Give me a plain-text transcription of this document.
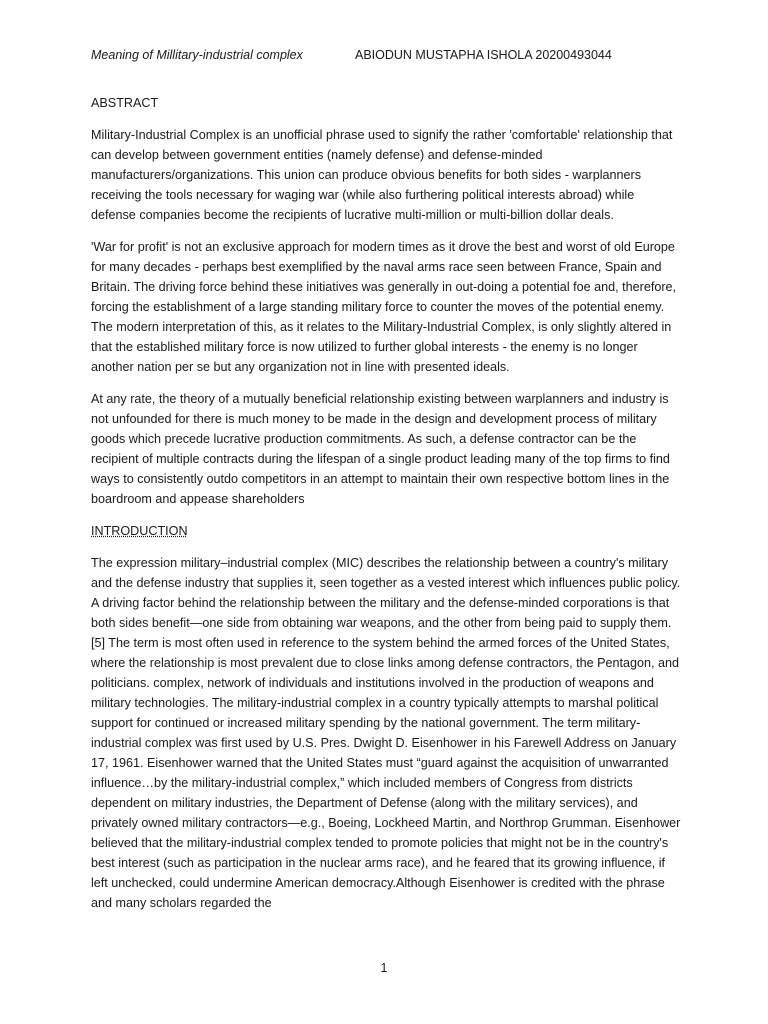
Meaning of Millitary-industrial complex	ABIODUN MUSTAPHA ISHOLA 20200493044
ABSTRACT

Military-Industrial Complex is an unofficial phrase used to signify the rather 'comfortable' relationship that can develop between government entities (namely defense) and defense-minded manufacturers/organizations. This union can produce obvious benefits for both sides - warplanners receiving the tools necessary for waging war (while also furthering political interests abroad) while defense companies become the recipients of lucrative multi-million or multi-billion dollar deals.

'War for profit' is not an exclusive approach for modern times as it drove the best and worst of old Europe for many decades - perhaps best exemplified by the naval arms race seen between France, Spain and Britain. The driving force behind these initiatives was generally in out-doing a potential foe and, therefore, forcing the establishment of a large standing military force to counter the moves of the potential enemy. The modern interpretation of this, as it relates to the Military-Industrial Complex, is only slightly altered in that the established military force is now utilized to further global interests - the enemy is no longer another nation per se but any organization not in line with presented ideals.

At any rate, the theory of a mutually beneficial relationship existing between warplanners and industry is not unfounded for there is much money to be made in the design and development process of military goods which precede lucrative production commitments. As such, a defense contractor can be the recipient of multiple contracts during the lifespan of a single product leading many of the top firms to find ways to consistently outdo competitors in an attempt to maintain their own respective bottom lines in the boardroom and appease shareholders

INTRODUCTION

The expression military–industrial complex (MIC) describes the relationship between a country's military and the defense industry that supplies it, seen together as a vested interest which influences public policy. A driving factor behind the relationship between the military and the defense-minded corporations is that both sides benefit—one side from obtaining war weapons, and the other from being paid to supply them.[5] The term is most often used in reference to the system behind the armed forces of the United States, where the relationship is most prevalent due to close links among defense contractors, the Pentagon, and politicians. complex, network of individuals and institutions involved in the production of weapons and military technologies. The military-industrial complex in a country typically attempts to marshal political support for continued or increased military spending by the national government. The term military-industrial complex was first used by U.S. Pres. Dwight D. Eisenhower in his Farewell Address on January 17, 1961. Eisenhower warned that the United States must “guard against the acquisition of unwarranted influence…by the military-industrial complex,” which included members of Congress from districts dependent on military industries, the Department of Defense (along with the military services), and privately owned military contractors—e.g., Boeing, Lockheed Martin, and Northrop Grumman. Eisenhower believed that the military-industrial complex tended to promote policies that might not be in the country's best interest (such as participation in the nuclear arms race), and he feared that its growing influence, if left unchecked, could undermine American democracy.Although Eisenhower is credited with the phrase and many scholars regarded the

1
